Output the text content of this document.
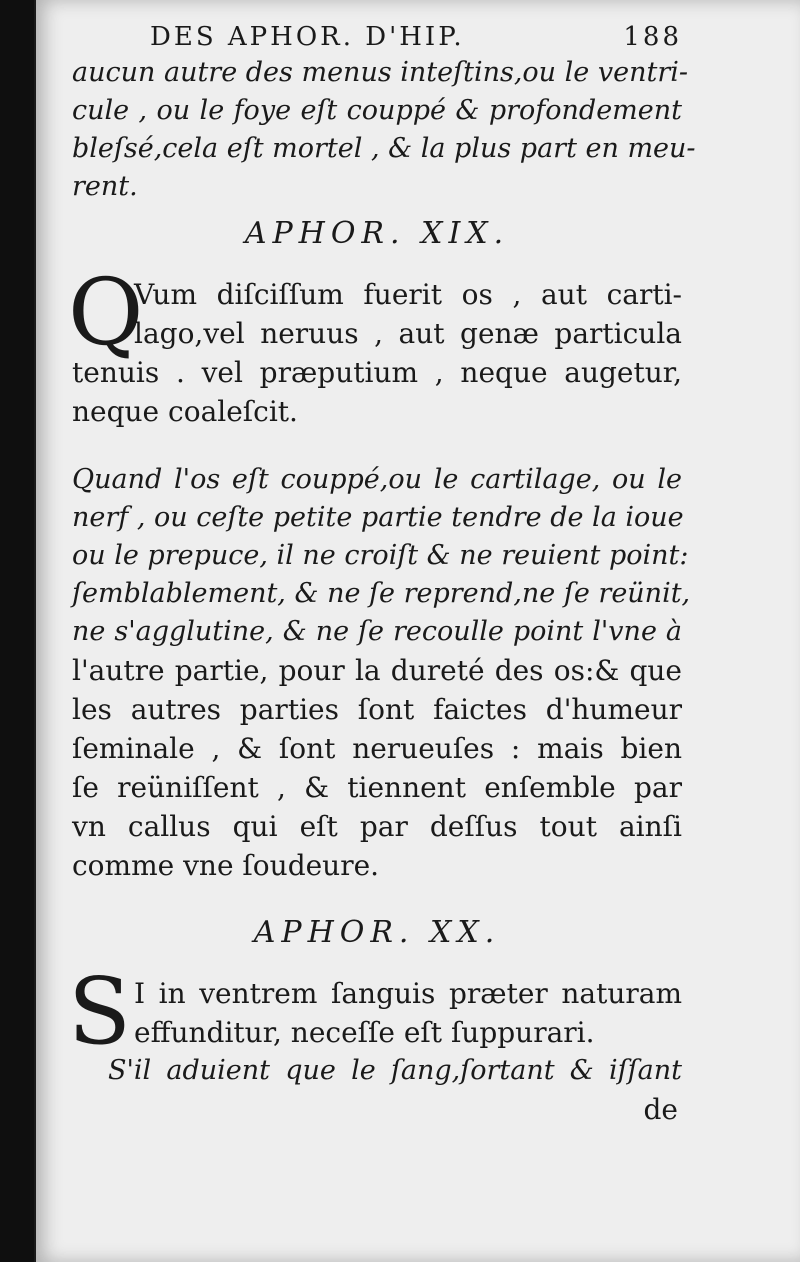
DES APHOR. D'HIP.	188
aucun autre des menus inteſtins,ou le ventri-
cule , ou le foye eſt couppé & profondement
bleſsé,cela eſt mortel , & la plus part en meu-
rent.
APHOR. XIX.
Q
Vum diſciſſum fuerit os , aut carti-
lago,vel neruus , aut genæ particula
tenuis . vel præputium , neque augetur,
neque coaleſcit.
Quand l'os eſt couppé,ou le cartilage, ou le
nerf , ou ceſte petite partie tendre de la ioue
ou le prepuce, il ne croiſt & ne reuient point:
ſemblablement, & ne ſe reprend,ne ſe reünit,
ne s'agglutine, & ne ſe recoulle point l'vne à
l'autre partie, pour la dureté des os:& que
les autres parties ſont faictes d'humeur
ſeminale , & ſont nerueuſes : mais bien
ſe reüniſſent , & tiennent enſemble par
vn callus qui eſt par deſſus tout ainſi
comme vne ſoudeure.
APHOR. XX.
S I in ventrem ſanguis præter naturam
effunditur, neceſſe eſt ſuppurari.
S'il aduient que le ſang,ſortant & iſſant
de
